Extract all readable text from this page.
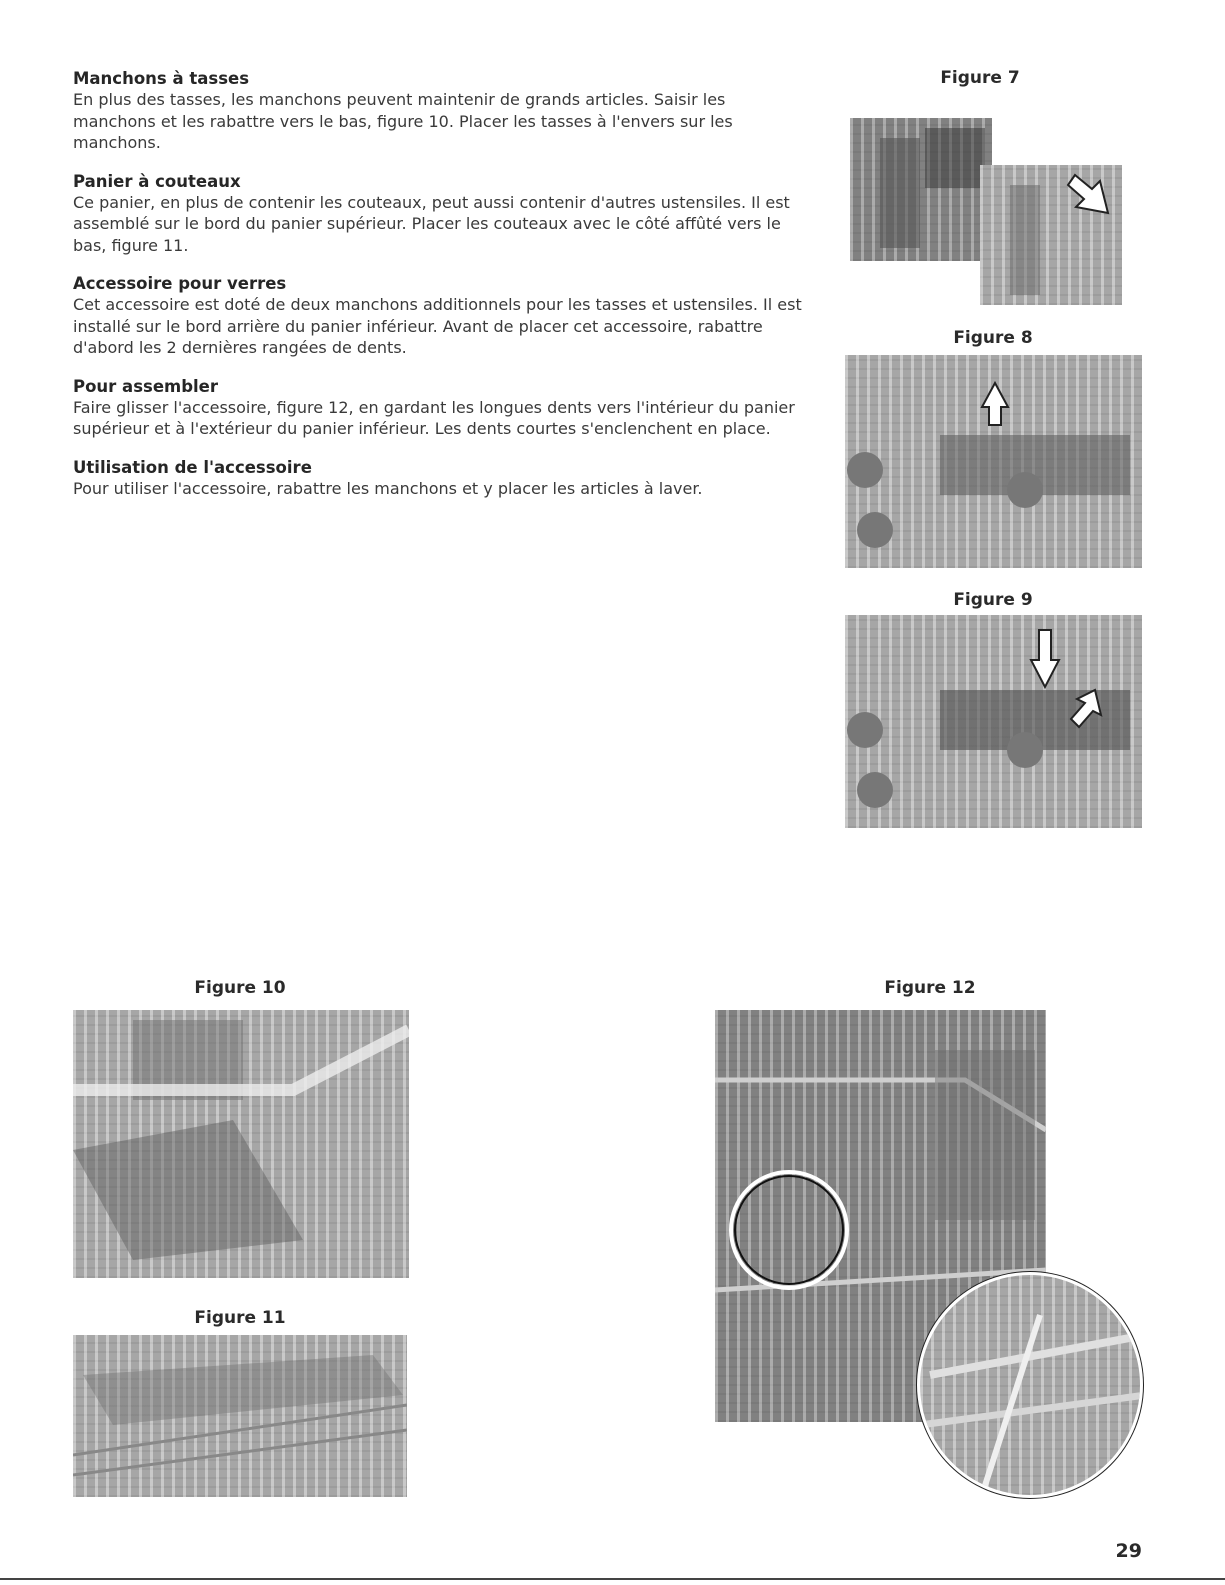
Manchons à tasses

En plus des tasses, les manchons peuvent maintenir de grands articles. Saisir les manchons et les rabattre vers le bas, figure 10. Placer les tasses à l'envers sur les manchons.

Panier à couteaux

Ce panier, en plus de contenir les couteaux, peut aussi contenir d'autres ustensiles. Il est assemblé sur le bord du panier supérieur. Placer les couteaux avec le côté affûté vers le bas, figure 11.

Accessoire pour verres

Cet accessoire est doté de deux manchons additionnels pour les tasses et ustensiles. Il est installé sur le bord arrière du panier inférieur. Avant de placer cet accessoire, rabattre d'abord les 2 dernières rangées de dents.

Pour assembler

Faire glisser l'accessoire, figure 12, en gardant les longues dents vers l'intérieur du panier supérieur et à l'extérieur du panier inférieur. Les dents courtes s'enclenchent en place.

Utilisation de l'accessoire

Pour utiliser l'accessoire, rabattre les manchons et y placer les articles à laver.

Figure 7
Figure 8
Figure 9
Figure 10
Figure 11
Figure 12
29
